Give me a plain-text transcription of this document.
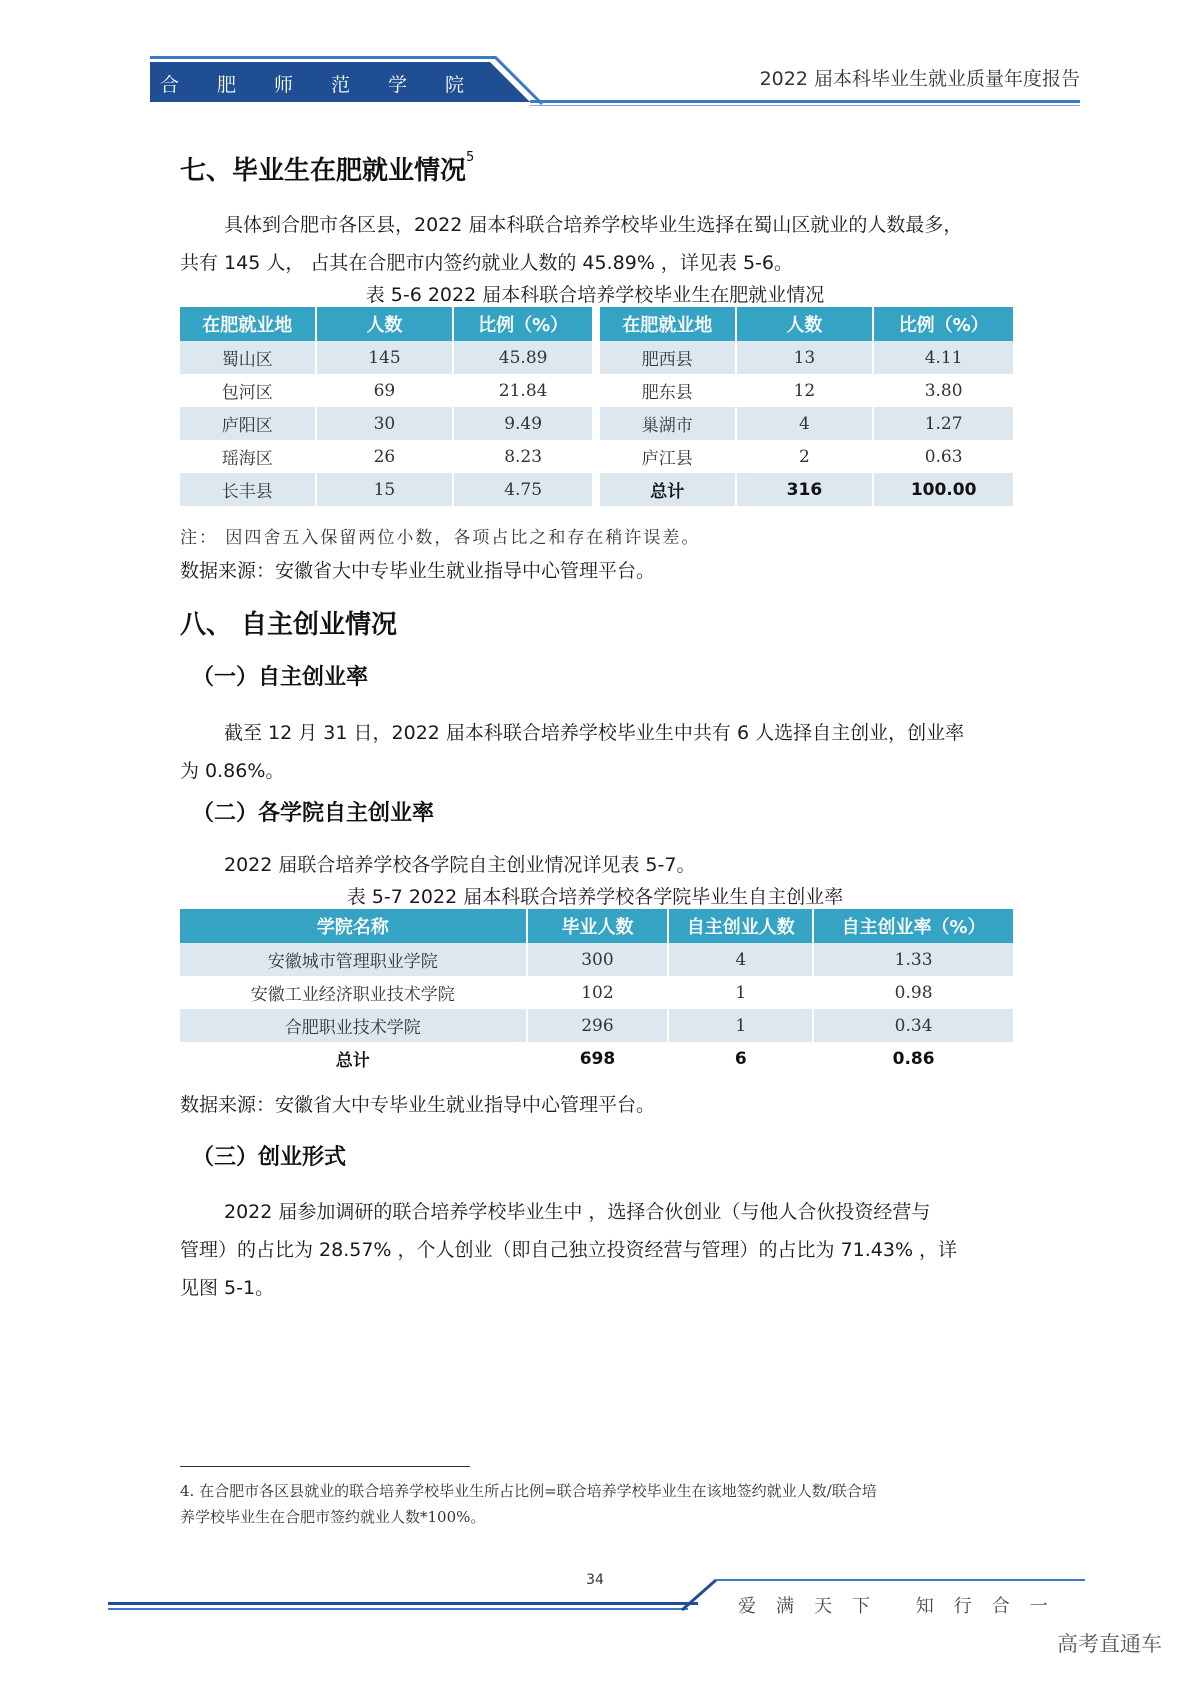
合肥师范学院	2022 届本科毕业生就业质量年度报告
七、毕业生在肥就业情况$^5$
具体到合肥市各区县，2022 届本科联合培养学校毕业生选择在蜀山区就业的人数最多，
共有 145 人， 占其在合肥市内签约就业人数的 45.89% ，详见表 5-6。
表 5-6 2022 届本科联合培养学校毕业生在肥就业情况
在肥就业地	人数	比例（%）
蜀山区	145	45.89
包河区	69	21.84
庐阳区	30	9.49
瑶海区	26	8.23
长丰县	15	4.75
在肥就业地	人数	比例（%）
肥西县	13	4.11
肥东县	12	3.80
巢湖市	4	1.27
庐江县	2	0.63
总计	316	100.00
注： 因四舍五入保留两位小数，各项占比之和存在稍许误差。
数据来源：安徽省大中专毕业生就业指导中心管理平台。
八、 自主创业情况
（一）自主创业率
截至 12 月 31 日，2022 届本科联合培养学校毕业生中共有 6 人选择自主创业，创业率
为 0.86%。
（二）各学院自主创业率
2022 届联合培养学校各学院自主创业情况详见表 5-7。
表 5-7 2022 届本科联合培养学校各学院毕业生自主创业率
学院名称	毕业人数	自主创业人数	自主创业率（%）
安徽城市管理职业学院	300	4	1.33
安徽工业经济职业技术学院	102	1	0.98
合肥职业技术学院	296	1	0.34
总计	698	6	0.86
数据来源：安徽省大中专毕业生就业指导中心管理平台。
（三）创业形式
2022 届参加调研的联合培养学校毕业生中 ，选择合伙创业（与他人合伙投资经营与
管理）的占比为 28.57% ，个人创业（即自己独立投资经营与管理）的占比为 71.43% ，详
见图 5-1。
4. 在合肥市各区县就业的联合培养学校毕业生所占比例=联合培养学校毕业生在该地签约就业人数/联合培
养学校毕业生在合肥市签约就业人数*100%。
34
爱满天下 知行合一
高考直通车
